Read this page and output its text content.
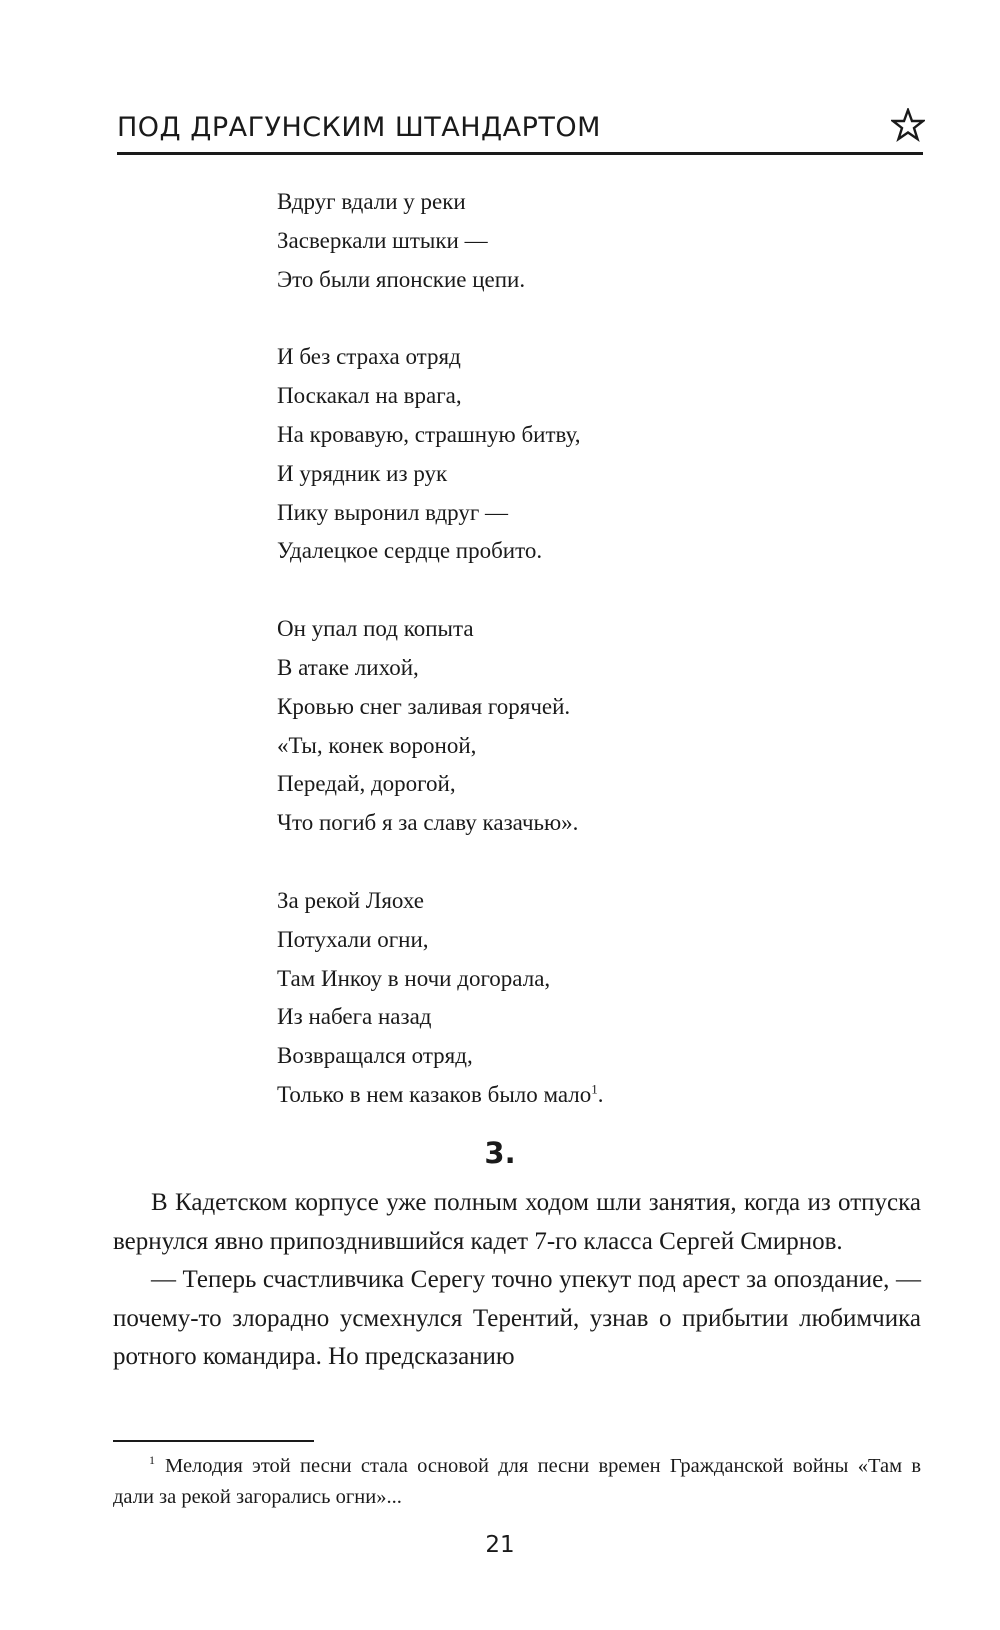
ПОД ДРАГУНСКИМ ШТАНДАРТОМ
Вдруг вдали у реки
Засверкали штыки —
Это были японские цепи.
И без страха отряд
Поскакал на врага,
На кровавую, страшную битву,
И урядник из рук
Пику выронил вдруг —
Удалецкое сердце пробито.
Он упал под копыта
В атаке лихой,
Кровью снег заливая горячей.
«Ты, конек вороной,
Передай, дорогой,
Что погиб я за славу казачью».
За рекой Ляохе
Потухали огни,
Там Инкоу в ночи догорала,
Из набега назад
Возвращался отряд,
Только в нем казаков было мало$^1$.
3.

В Кадетском корпусе уже полным ходом шли занятия, когда из отпуска вернулся явно припозднившийся кадет 7-го класса Сергей Смирнов.

— Теперь счастливчика Серегу точно упекут под арест за опоздание, — почему-то злорадно усмехнулся Терентий, узнав о прибытии любимчика ротного командира. Но предсказанию

$^1$ Мелодия этой песни стала основой для песни времен Гражданской войны «Там в дали за рекой загорались огни»...
21
